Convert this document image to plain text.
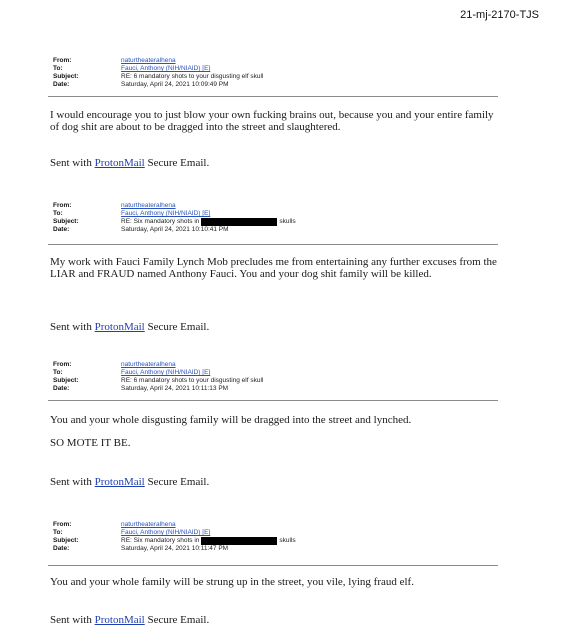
21-mj-2170-TJS
From:	naturtheateralhena
To:	Fauci, Anthony (NIH/NIAID) [E]
Subject:	RE: 6 mandatory shots to your disgusting elf skull
Date:	Saturday, April 24, 2021 10:09:49 PM
I would encourage you to just blow your own fucking brains out, because you and your entire family of dog shit are about to be dragged into the street and slaughtered.
Sent with ProtonMail Secure Email.
From:	naturtheateralhena
To:	Fauci, Anthony (NIH/NIAID) [E]
Subject:	RE: Six mandatory shots in	skulls
Date:	Saturday, April 24, 2021 10:10:41 PM
My work with Fauci Family Lynch Mob precludes me from entertaining any further excuses from the LIAR and FRAUD named Anthony Fauci. You and your dog shit family will be killed.
Sent with ProtonMail Secure Email.
From:	naturtheateralhena
To:	Fauci, Anthony (NIH/NIAID) [E]
Subject:	RE: 6 mandatory shots to your disgusting elf skull
Date:	Saturday, April 24, 2021 10:11:13 PM
You and your whole disgusting family will be dragged into the street and lynched.
SO MOTE IT BE.
Sent with ProtonMail Secure Email.
From:	naturtheateralhena
To:	Fauci, Anthony (NIH/NIAID) [E]
Subject:	RE: Six mandatory shots in	skulls
Date:	Saturday, April 24, 2021 10:11:47 PM
You and your whole family will be strung up in the street, you vile, lying fraud elf.
Sent with ProtonMail Secure Email.
